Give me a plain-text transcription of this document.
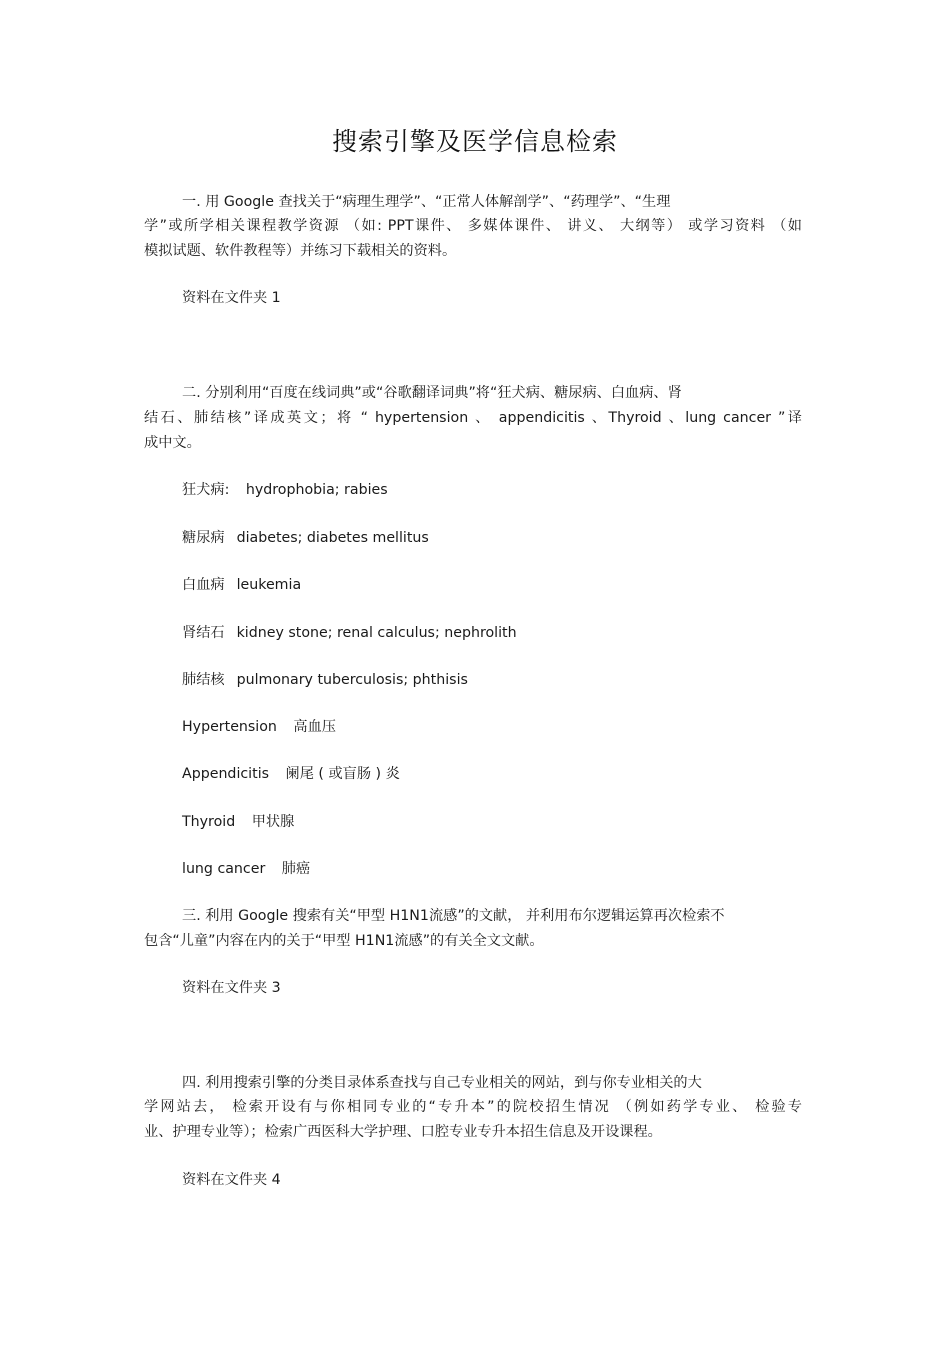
搜索引擎及医学信息检索
一. 用 Google 查找关于“病理生理学”、“正常人体解剖学”、“药理学”、“生理
学”或所学相关课程教学资源 （如: PPT课件、 多媒体课件、 讲义、 大纲等） 或学习资料 （如
模拟试题、软件教程等）并练习下载相关的资料。
资料在文件夹 1
二. 分别利用“百度在线词典”或“谷歌翻译词典”将“狂犬病、糖尿病、白血病、肾
结石、肺结核”译成英文；将 “ hypertension 、 appendicitis 、Thyroid 、lung cancer ”译
成中文。
狂犬病: hydrophobia; rabies
糖尿病 diabetes; diabetes mellitus
白血病 leukemia
肾结石 kidney stone; renal calculus; nephrolith
肺结核 pulmonary tuberculosis; phthisis
Hypertension 高血压
Appendicitis 阑尾 ( 或盲肠 ) 炎
Thyroid 甲状腺
lung cancer 肺癌
三. 利用 Google 搜索有关“甲型 H1N1流感”的文献， 并利用布尔逻辑运算再次检索不
包含“儿童”内容在内的关于“甲型 H1N1流感”的有关全文文献。
资料在文件夹 3
四. 利用搜索引擎的分类目录体系查找与自己专业相关的网站，到与你专业相关的大
学网站去， 检索开设有与你相同专业的“专升本”的院校招生情况 （例如药学专业、 检验专
业、护理专业等）；检索广西医科大学护理、口腔专业专升本招生信息及开设课程。
资料在文件夹 4
